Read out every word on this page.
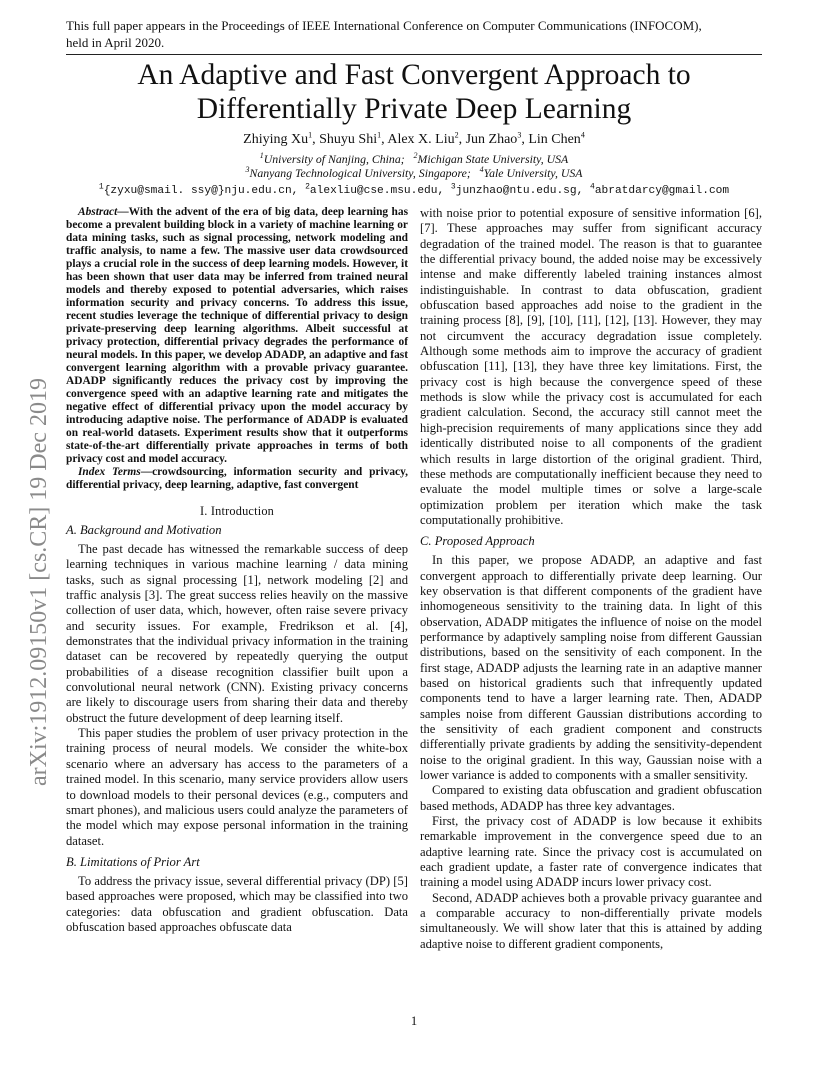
This full paper appears in the Proceedings of IEEE International Conference on Computer Communications (INFOCOM),
held in April 2020.
An Adaptive and Fast Convergent Approach to
Differentially Private Deep Learning
Zhiying Xu$^1$, Shuyu Shi$^1$, Alex X. Liu$^2$, Jun Zhao$^3$, Lin Chen$^4$
$^1$University of Nanjing, China; $^2$Michigan State University, USA
$^3$Nanyang Technological University, Singapore; $^4$Yale University, USA
$^1${zyxu@smail. ssy@}nju.edu.cn, $^2$alexliu@cse.msu.edu, $^3$junzhao@ntu.edu.sg, $^4$abratdarcy@gmail.com
arXiv:1912.09150v1 [cs.CR] 19 Dec 2019

Abstract—With the advent of the era of big data, deep learning has become a prevalent building block in a variety of machine learning or data mining tasks, such as signal processing, network modeling and traffic analysis, to name a few. The massive user data crowdsourced plays a crucial role in the success of deep learning models. However, it has been shown that user data may be inferred from trained neural models and thereby exposed to potential adversaries, which raises information security and privacy concerns. To address this issue, recent studies leverage the technique of differential privacy to design private-preserving deep learning algorithms. Albeit successful at privacy protection, differential privacy degrades the performance of neural models. In this paper, we develop ADADP, an adaptive and fast convergent learning algorithm with a provable privacy guarantee. ADADP significantly reduces the privacy cost by improving the convergence speed with an adaptive learning rate and mitigates the negative effect of differential privacy upon the model accuracy by introducing adaptive noise. The performance of ADADP is evaluated on real-world datasets. Experiment results show that it outperforms state-of-the-art differentially private approaches in terms of both privacy cost and model accuracy.

Index Terms—crowdsourcing, information security and privacy, differential privacy, deep learning, adaptive, fast convergent

I. Introduction

A. Background and Motivation

The past decade has witnessed the remarkable success of deep learning techniques in various machine learning / data mining tasks, such as signal processing [1], network modeling [2] and traffic analysis [3]. The great success relies heavily on the massive collection of user data, which, however, often raise severe privacy and security issues. For example, Fredrikson et al. [4], demonstrates that the individual privacy information in the training dataset can be recovered by repeatedly querying the output probabilities of a disease recognition classifier built upon a convolutional neural network (CNN). Existing privacy concerns are likely to discourage users from sharing their data and thereby obstruct the future development of deep learning itself.

This paper studies the problem of user privacy protection in the training process of neural models. We consider the white-box scenario where an adversary has access to the parameters of a trained model. In this scenario, many service providers allow users to download models to their personal devices (e.g., computers and smart phones), and malicious users could analyze the parameters of the model which may expose personal information in the training dataset.

B. Limitations of Prior Art

To address the privacy issue, several differential privacy (DP) [5] based approaches were proposed, which may be classified into two categories: data obfuscation and gradient obfuscation. Data obfuscation based approaches obfuscate data

with noise prior to potential exposure of sensitive information [6], [7]. These approaches may suffer from significant accuracy degradation of the trained model. The reason is that to guarantee the differential privacy bound, the added noise may be excessively intense and make differently labeled training instances almost indistinguishable. In contrast to data obfuscation, gradient obfuscation based approaches add noise to the gradient in the training process [8], [9], [10], [11], [12], [13]. However, they may not circumvent the accuracy degradation issue completely. Although some methods aim to improve the accuracy of gradient obfuscation [11], [13], they have three key limitations. First, the privacy cost is high because the convergence speed of these methods is slow while the privacy cost is accumulated for each gradient calculation. Second, the accuracy still cannot meet the high-precision requirements of many applications since they add identically distributed noise to all components of the gradient which results in large distortion of the original gradient. Third, these methods are computationally inefficient because they need to evaluate the model multiple times or solve a large-scale optimization problem per iteration which make the task computationally prohibitive.

C. Proposed Approach

In this paper, we propose ADADP, an adaptive and fast convergent approach to differentially private deep learning. Our key observation is that different components of the gradient have inhomogeneous sensitivity to the training data. In light of this observation, ADADP mitigates the influence of noise on the model performance by adaptively sampling noise from different Gaussian distributions, based on the sensitivity of each component. In the first stage, ADADP adjusts the learning rate in an adaptive manner based on historical gradients such that infrequently updated components tend to have a larger learning rate. Then, ADADP samples noise from different Gaussian distributions according to the sensitivity of each gradient component and constructs differentially private gradients by adding the sensitivity-dependent noise to the original gradient. In this way, Gaussian noise with a lower variance is added to components with a smaller sensitivity.

Compared to existing data obfuscation and gradient obfuscation based methods, ADADP has three key advantages.

First, the privacy cost of ADADP is low because it exhibits remarkable improvement in the convergence speed due to an adaptive learning rate. Since the privacy cost is accumulated on each gradient update, a faster rate of convergence indicates that training a model using ADADP incurs lower privacy cost.

Second, ADADP achieves both a provable privacy guarantee and a comparable accuracy to non-differentially private models simultaneously. We will show later that this is attained by adding adaptive noise to different gradient components,

1
